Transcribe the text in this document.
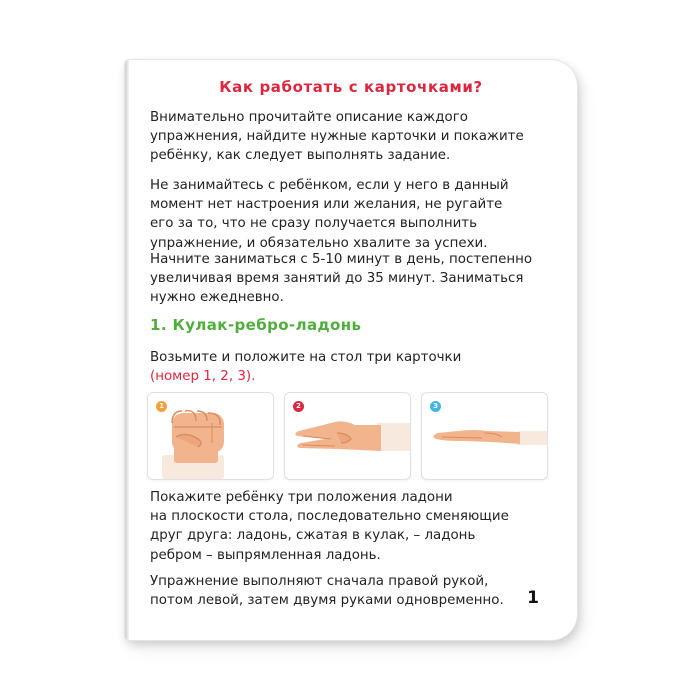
Как работать с карточками?
Внимательно прочитайте описание каждого
упражнения, найдите нужные карточки и покажите
ребёнку, как следует выполнять задание.
Не занимайтесь с ребёнком, если у него в данный
момент нет настроения или желания, не ругайте
его за то, что не сразу получается выполнить
упражнение, и обязательно хвалите за успехи.
Начните заниматься с 5-10 минут в день, постепенно
увеличивая время занятий до 35 минут. Заниматься
нужно ежедневно.
1. Кулак-ребро-ладонь
Возьмите и положите на стол три карточки
(номер 1, 2, 3).
1	2	3
Покажите ребёнку три положения ладони
на плоскости стола, последовательно сменяющие
друг друга: ладонь, сжатая в кулак, – ладонь
ребром – выпрямленная ладонь.
Упражнение выполняют сначала правой рукой,
потом левой, затем двумя руками одновременно.	1
